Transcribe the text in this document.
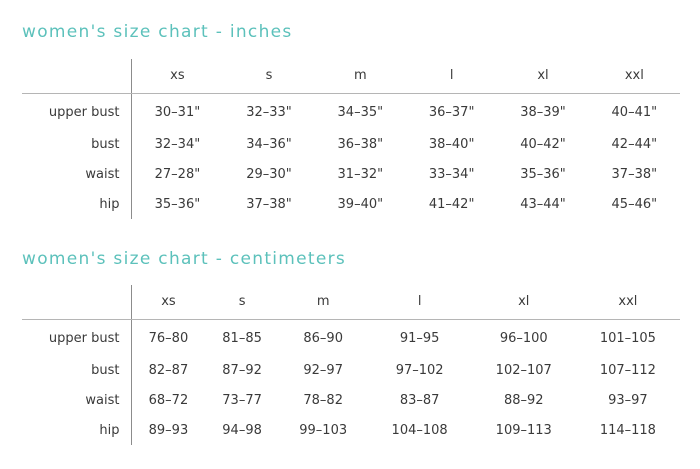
women's size chart - inches
	xs	s	m	l	xl	xxl
upper bust	30–31"	32–33"	34–35"	36–37"	38–39"	40–41"
bust	32–34"	34–36"	36–38"	38–40"	40–42"	42–44"
waist	27–28"	29–30"	31–32"	33–34"	35–36"	37–38"
hip	35–36"	37–38"	39–40"	41–42"	43–44"	45–46"
women's size chart - centimeters
	xs	s	m	l	xl	xxl
upper bust	76–80	81–85	86–90	91–95	96–100	101–105
bust	82–87	87–92	92–97	97–102	102–107	107–112
waist	68–72	73–77	78–82	83–87	88–92	93–97
hip	89–93	94–98	99–103	104–108	109–113	114–118
